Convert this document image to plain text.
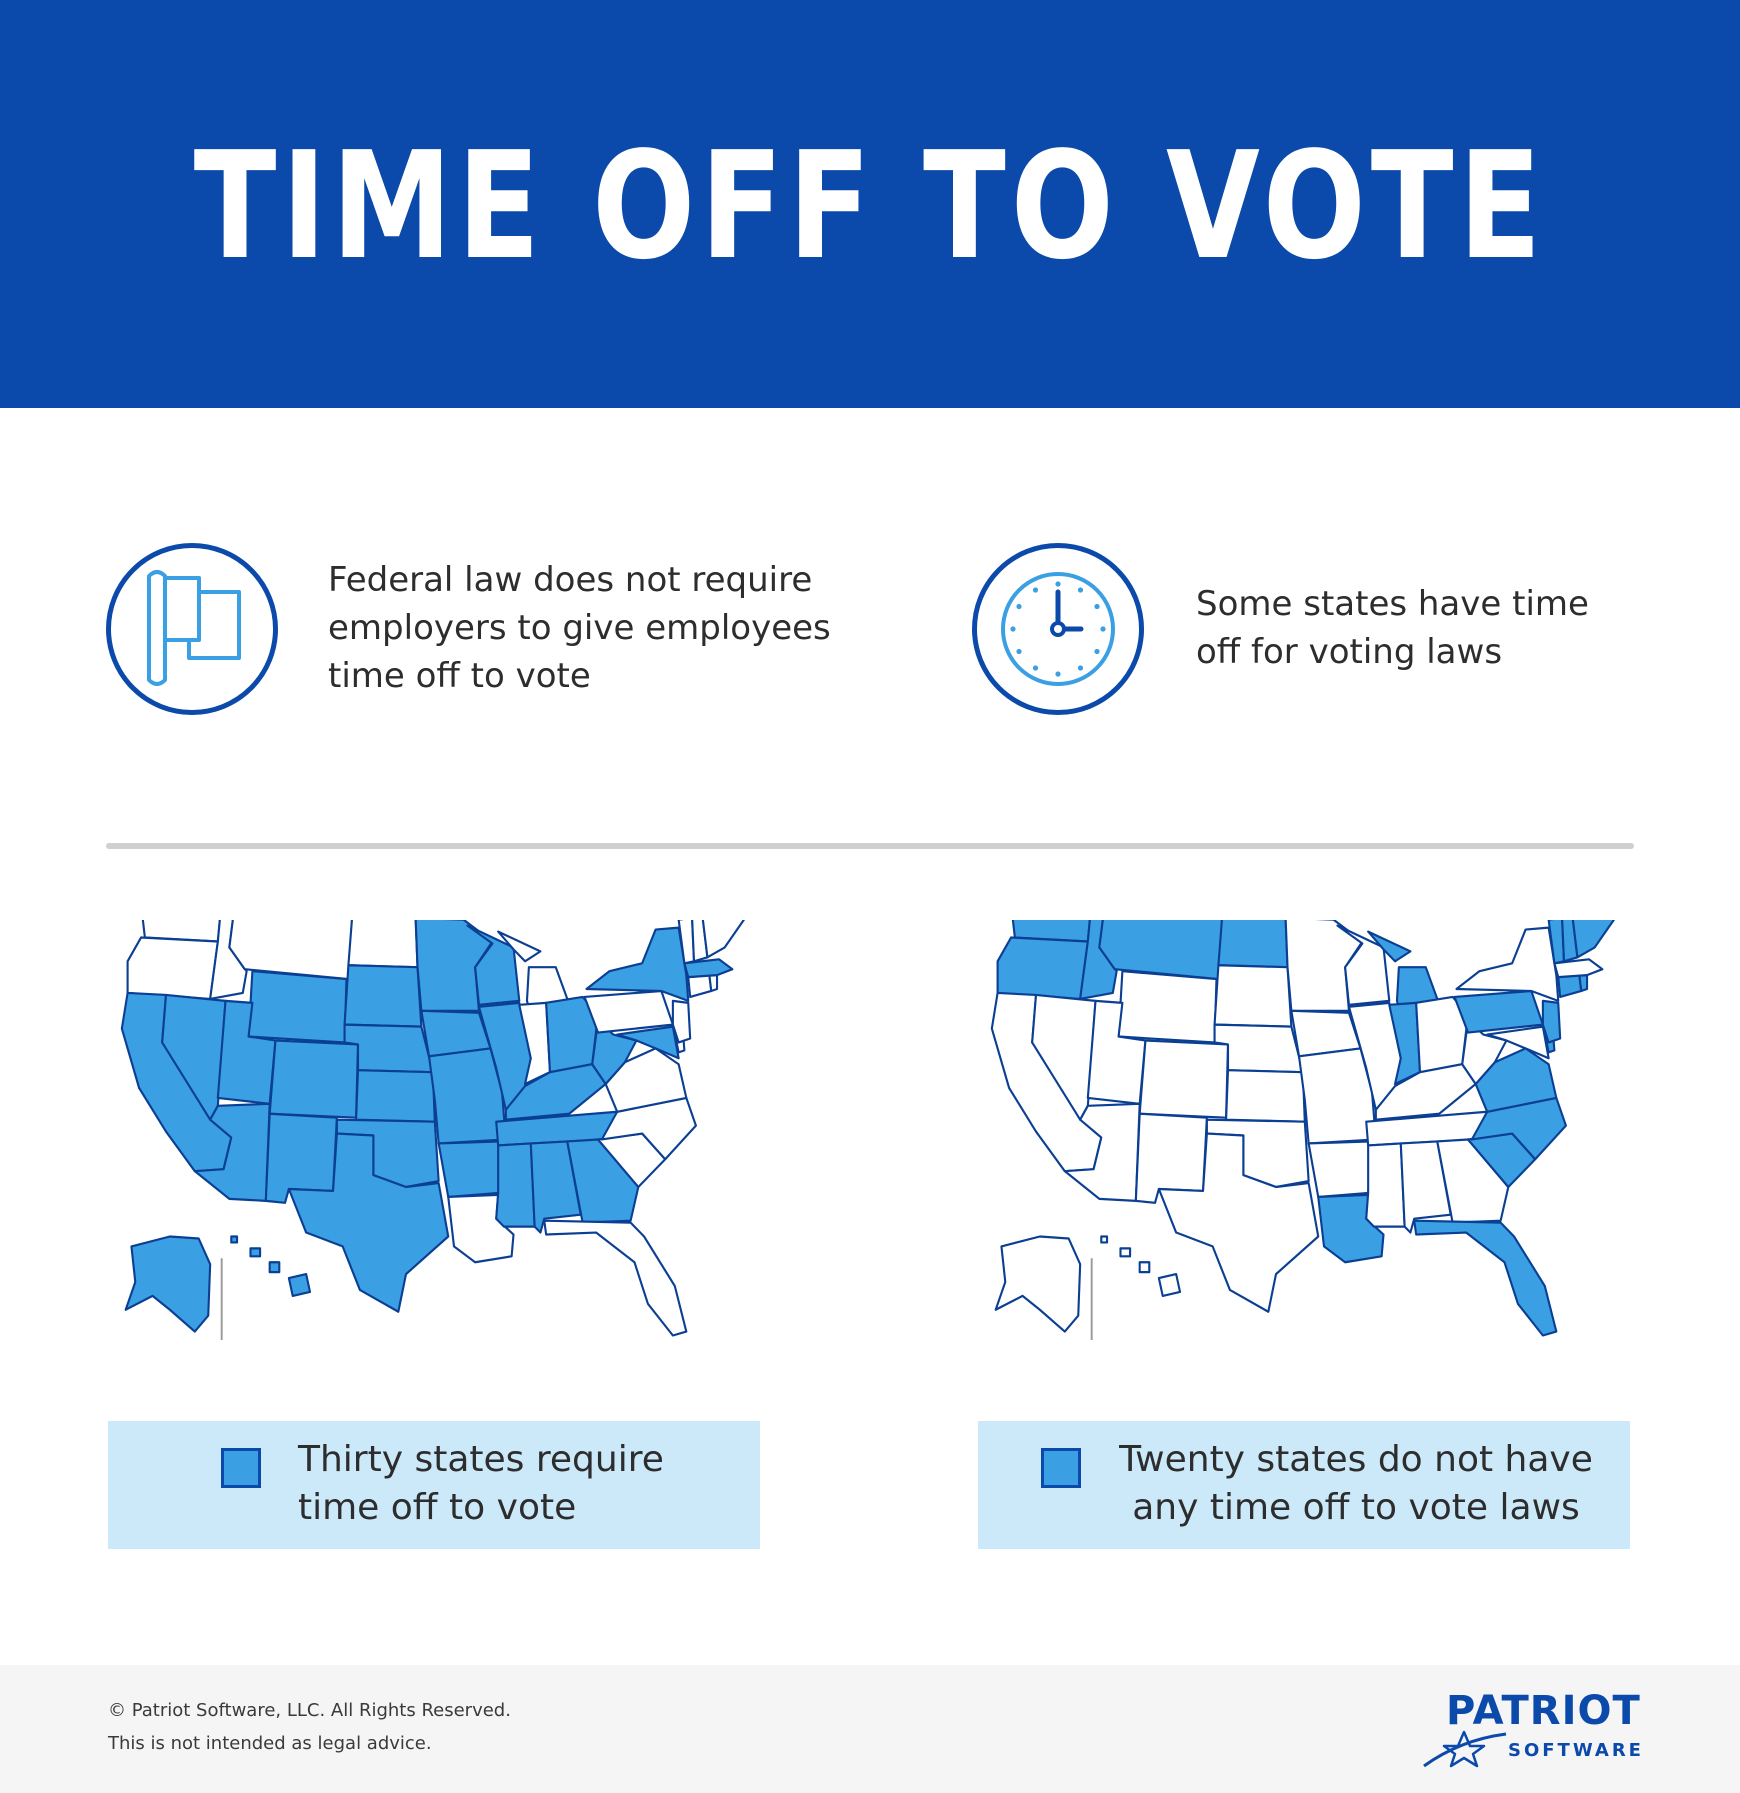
TIME OFF TO VOTE
Federal law does not require
employers to give employees
time off to vote
Some states have time
off for voting laws
Thirty states require
time off to vote
Twenty states do not have
any time off to vote laws
© Patriot Software, LLC. All Rights Reserved.
This is not intended as legal advice.
PATRIOT
SOFTWARE
